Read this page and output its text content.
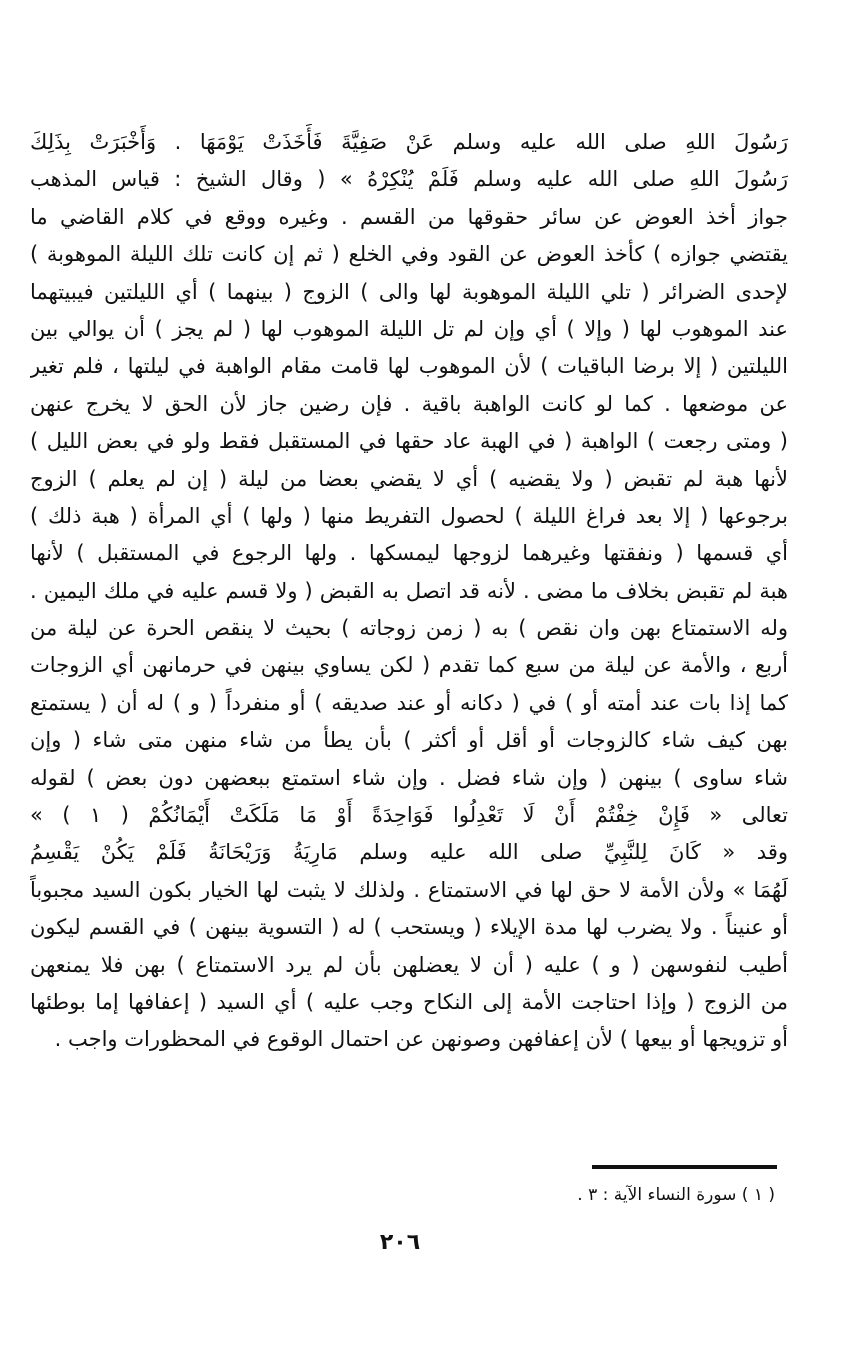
رَسُولَ اللهِ صلى الله عليه وسلم عَنْ صَفِيَّةَ فَأَخَذَتْ يَوْمَهَا . وَأَخْبَرَتْ بِذَلِكَ
رَسُولَ اللهِ صلى الله عليه وسلم فَلَمْ يُنْكِرْهُ » ( وقال الشيخ : قياس المذهب
جواز أخذ العوض عن سائر حقوقها من القسم . وغيره ووقع في كلام القاضي ما
يقتضي جوازه ) كأخذ العوض عن القود وفي الخلع ( ثم إن كانت تلك الليلة الموهوبة )
لإحدى الضرائر ( تلي الليلة الموهوبة لها والى ) الزوج ( بينهما ) أي الليلتين فيبيتهما
عند الموهوب لها ( وإلا ) أي وإن لم تل الليلة الموهوب لها ( لم يجز ) أن يوالي بين
الليلتين ( إلا برضا الباقيات ) لأن الموهوب لها قامت مقام الواهبة في ليلتها ، فلم تغير
عن موضعها . كما لو كانت الواهبة باقية . فإن رضين جاز لأن الحق لا يخرج عنهن
( ومتى رجعت ) الواهبة ( في الهبة عاد حقها في المستقبل فقط ولو في بعض الليل )
لأنها هبة لم تقبض ( ولا يقضيه ) أي لا يقضي بعضا من ليلة ( إن لم يعلم ) الزوج
برجوعها ( إلا بعد فراغ الليلة ) لحصول التفريط منها ( ولها ) أي المرأة ( هبة ذلك )
أي قسمها ( ونفقتها وغيرهما لزوجها ليمسكها . ولها الرجوع في المستقبل ) لأنها
هبة لم تقبض بخلاف ما مضى . لأنه قد اتصل به القبض ( ولا قسم عليه في ملك اليمين .
وله الاستمتاع بهن وان نقص ) به ( زمن زوجاته ) بحيث لا ينقص الحرة عن ليلة من
أربع ، والأمة عن ليلة من سبع كما تقدم ( لكن يساوي بينهن في حرمانهن أي الزوجات
كما إذا بات عند أمته أو ) في ( دكانه أو عند صديقه ) أو منفرداً ( و ) له أن ( يستمتع
بهن كيف شاء كالزوجات أو أقل أو أكثر ) بأن يطأ من شاء منهن متى شاء ( وإن
شاء ساوى ) بينهن ( وإن شاء فضل . وإن شاء استمتع ببعضهن دون بعض ) لقوله
تعالى « فَإِنْ خِفْتُمْ أَنْ لَا تَعْدِلُوا فَوَاحِدَةً أَوْ مَا مَلَكَتْ أَيْمَانُكُمْ ( ١ ) »
وقد « كَانَ لِلنَّبِيِّ صلى الله عليه وسلم مَارِيَةُ وَرَيْحَانَةُ فَلَمْ يَكُنْ يَقْسِمُ
لَهُمَا » ولأن الأمة لا حق لها في الاستمتاع . ولذلك لا يثبت لها الخيار بكون السيد مجبوباً
أو عنيناً . ولا يضرب لها مدة الإيلاء ( ويستحب ) له ( التسوية بينهن ) في القسم ليكون
أطيب لنفوسهن ( و ) عليه ( أن لا يعضلهن بأن لم يرد الاستمتاع ) بهن فلا يمنعهن
من الزوج ( وإذا احتاجت الأمة إلى النكاح وجب عليه ) أي السيد ( إعفافها إما بوطئها
أو تزويجها أو بيعها ) لأن إعفافهن وصونهن عن احتمال الوقوع في المحظورات واجب .
( ١ ) سورة النساء الآية : ٣ .
٢٠٦
